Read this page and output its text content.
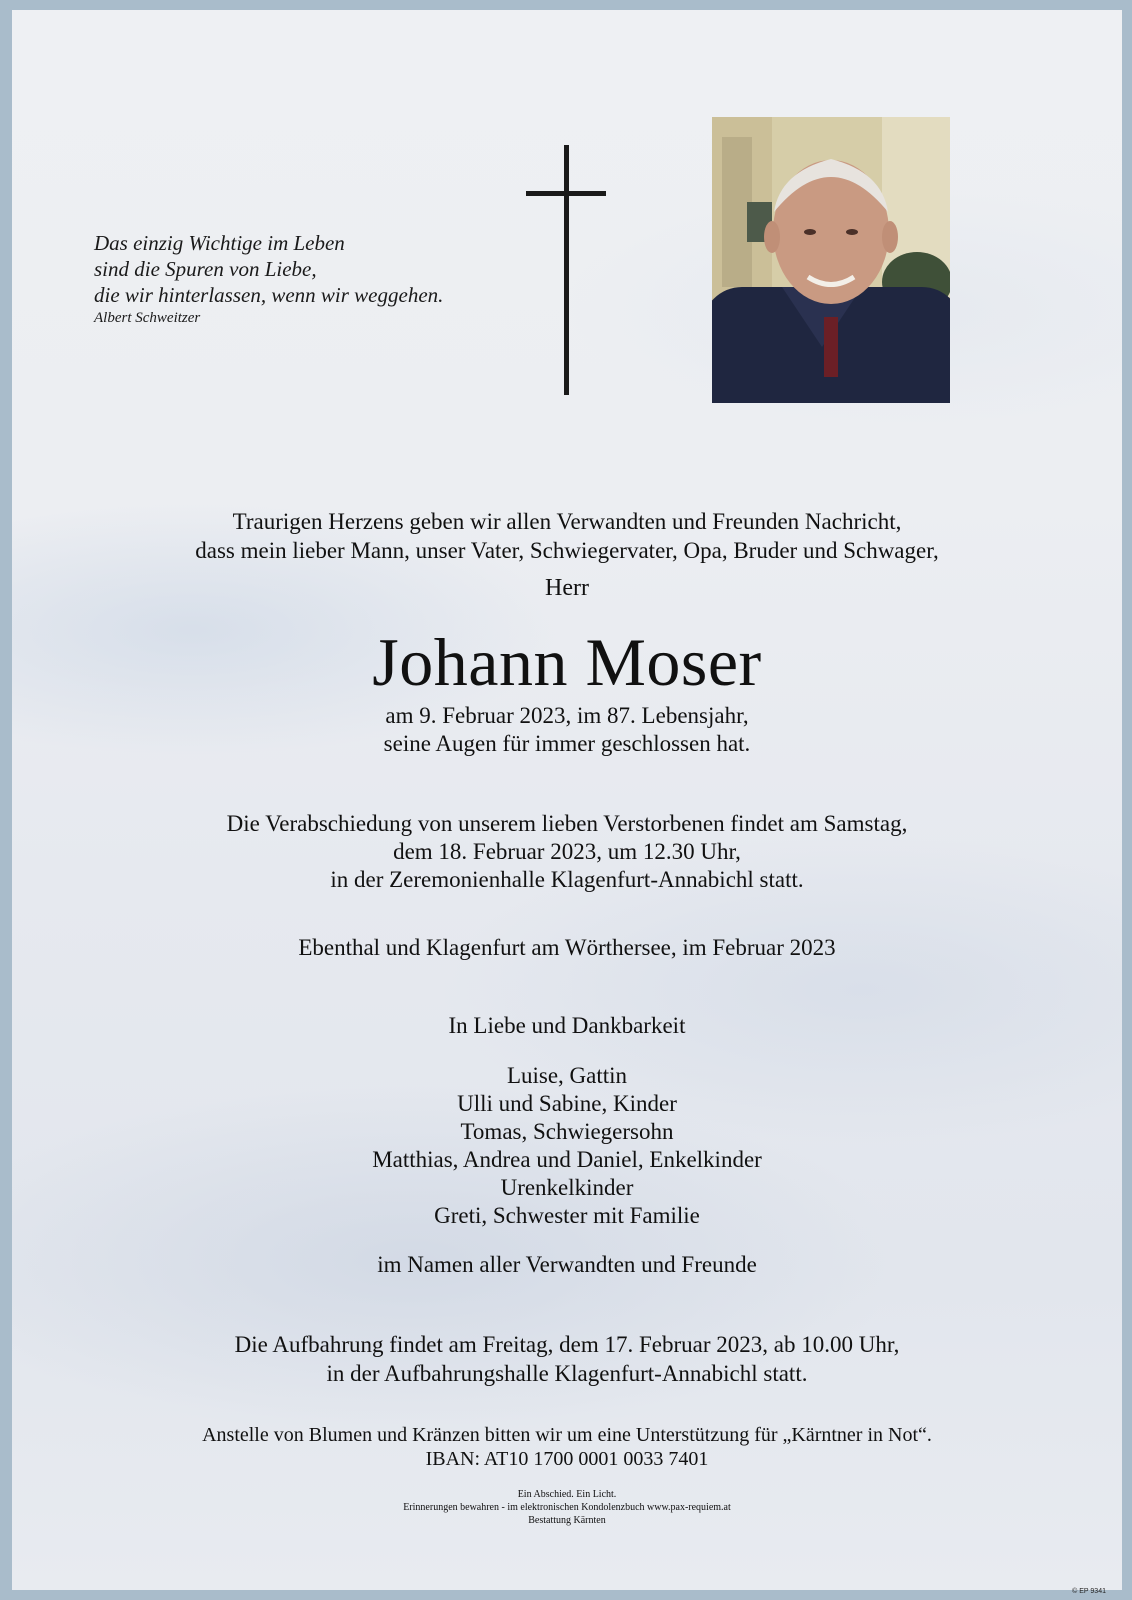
Das einzig Wichtige im Leben
sind die Spuren von Liebe,
die wir hinterlassen, wenn wir weggehen.
Albert Schweitzer
Traurigen Herzens geben wir allen Verwandten und Freunden Nachricht,
dass mein lieber Mann, unser Vater, Schwiegervater, Opa, Bruder und Schwager,
Herr
Johann Moser
am 9. Februar 2023, im 87. Lebensjahr,
seine Augen für immer geschlossen hat.
Die Verabschiedung von unserem lieben Verstorbenen findet am Samstag,
dem 18. Februar 2023, um 12.30 Uhr,
in der Zeremonienhalle Klagenfurt-Annabichl statt.
Ebenthal und Klagenfurt am Wörthersee, im Februar 2023
In Liebe und Dankbarkeit
Luise, Gattin
Ulli und Sabine, Kinder
Tomas, Schwiegersohn
Matthias, Andrea und Daniel, Enkelkinder
Urenkelkinder
Greti, Schwester mit Familie
im Namen aller Verwandten und Freunde
Die Aufbahrung findet am Freitag, dem 17. Februar 2023, ab 10.00 Uhr,
in der Aufbahrungshalle Klagenfurt-Annabichl statt.
Anstelle von Blumen und Kränzen bitten wir um eine Unterstützung für „Kärntner in Not“.
IBAN: AT10 1700 0001 0033 7401
Ein Abschied. Ein Licht.
Erinnerungen bewahren - im elektronischen Kondolenzbuch www.pax-requiem.at
Bestattung Kärnten
© EP 9341
